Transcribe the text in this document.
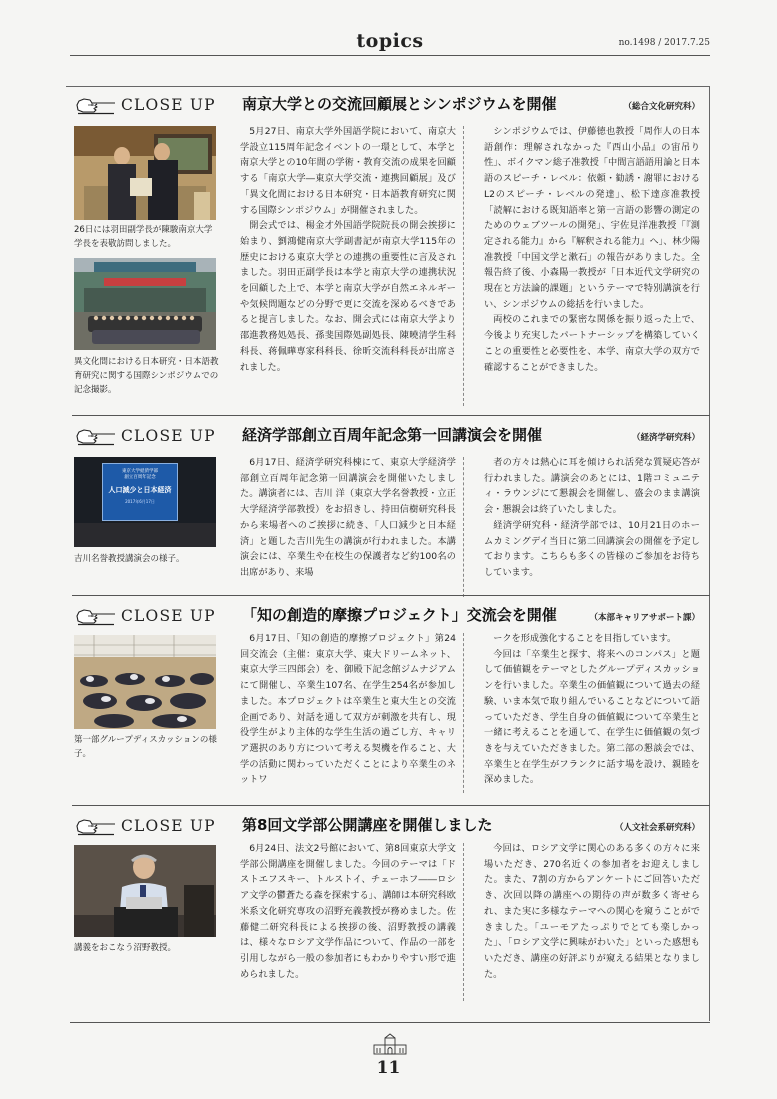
topics	no.1498 / 2017.7.25
CLOSE UP 南京大学との交流回顧展とシンポジウムを開催	（総合文化研究科）
26日には羽田副学長が陳駿南京大学学長を表敬訪問しました。
異文化間における日本研究・日本語教育研究に関する国際シンポジウムでの記念撮影。

5月27日、南京大学外国語学院において、南京大学設立115周年記念イベントの一環として、本学と南京大学との10年間の学術・教育交流の成果を回顧する「南京大学―東京大学交流・連携回顧展」及び「異文化間における日本研究・日本語教育研究に関する国際シンポジウム」が開催されました。

開会式では、楊金才外国語学院院長の開会挨拶に始まり、劉鴻健南京大学副書記が南京大学115年の歴史における東京大学との連携の重要性に言及されました。羽田正副学長は本学と南京大学の連携状況を回顧した上で、本学と南京大学が自然エネルギーや気候問題などの分野で更に交流を深めるべきであると提言しました。なお、開会式には南京大学より邵進教務処処長、孫斐国際処副処長、陳曉清学生科科長、蒋佩曄専家科科長、徐昕交流科科長が出席されました。

シンポジウムでは、伊藤徳也教授「周作人の日本語創作：理解されなかった『西山小品』の宙吊り性」、ボイクマン総子准教授「中間言語語用論と日本語のスピーチ・レベル：依頼・勧誘・謝罪におけるL2のスピーチ・レベルの発達」、松下達彦准教授「読解における既知語率と第一言語の影響の測定のためのウェブツールの開発」、宇佐見洋准教授「『測定される能力』から『解釈される能力』へ」、林少陽准教授「中国文学と漱石」の報告がありました。全報告終了後、小森陽一教授が「日本近代文学研究の現在と方法論的課題」というテーマで特別講演を行い、シンポジウムの総括を行いました。

両校のこれまでの緊密な関係を振り返った上で、今後より充実したパートナーシップを構築していくことの重要性と必要性を、本学、南京大学の双方で確認することができました。

CLOSE UP 経済学部創立百周年記念第一回講演会を開催	（経済学研究科）
東京大学経済学部
創立百周年記念
人口減少と日本経済
2017年6月17日
吉川名誉教授講演会の様子。

6月17日、経済学研究科棟にて、東京大学経済学部創立百周年記念第一回講演会を開催いたしました。講演者には、吉川 洋（東京大学名誉教授・立正大学経済学部教授）をお招きし、持田信樹研究科長から来場者へのご挨拶に続き、「人口減少と日本経済」と題した吉川先生の講演が行われました。本講演会には、卒業生や在校生の保護者など約100名の出席があり、来場

者の方々は熱心に耳を傾けられ活発な質疑応答が行われました。講演会のあとには、1階コミュニティ・ラウンジにて懇親会を開催し、盛会のまま講演会・懇親会は終了いたしました。

経済学研究科・経済学部では、10月21日のホームカミングデイ当日に第二回講演会の開催を予定しております。こちらも多くの皆様のご参加をお待ちしています。

CLOSE UP 「知の創造的摩擦プロジェクト」交流会を開催	（本部キャリアサポート課）
第一部グループディスカッションの様子。

6月17日、「知の創造的摩擦プロジェクト」第24回交流会（主催：東京大学、東大ドリームネット、東京大学三四郎会）を、御殿下記念館ジムナジアムにて開催し、卒業生107名、在学生254名が参加しました。本プロジェクトは卒業生と東大生との交流企画であり、対話を通して双方が刺激を共有し、現役学生がより主体的な学生生活の過ごし方、キャリア選択のあり方について考える契機を作ること、大学の活動に関わっていただくことにより卒業生のネットワ

ークを形成強化することを目指しています。

今回は「卒業生と探す、将来へのコンパス」と題して価値観をテーマとしたグループディスカッションを行いました。卒業生の価値観について過去の経験、いま本気で取り組んでいることなどについて語っていただき、学生自身の価値観について卒業生と一緒に考えることを通して、在学生に価値観の気づきを与えていただきました。第二部の懇談会では、卒業生と在学生がフランクに話す場を設け、親睦を深めました。

CLOSE UP 第8回文学部公開講座を開催しました	（人文社会系研究科）
講義をおこなう沼野教授。

6月24日、法文2号館において、第8回東京大学文学部公開講座を開催しました。今回のテーマは「ドストエフスキー、トルストイ、チェーホフ――ロシア文学の鬱蒼たる森を探索する」、講師は本研究科欧米系文化研究専攻の沼野充義教授が務めました。佐藤健二研究科長による挨拶の後、沼野教授の講義は、様々なロシア文学作品について、作品の一部を引用しながら一般の参加者にもわかりやすい形で進められました。

今回は、ロシア文学に関心のある多くの方々に来場いただき、270名近くの参加者をお迎えしました。また、7割の方からアンケートにご回答いただき、次回以降の講座への期待の声が数多く寄せられ、また実に多様なテーマへの関心を窺うことができました。「ユーモアたっぷりでとても楽しかった」、「ロシア文学に興味がわいた」といった感想もいただき、講座の好評ぶりが窺える結果となりました。

11
